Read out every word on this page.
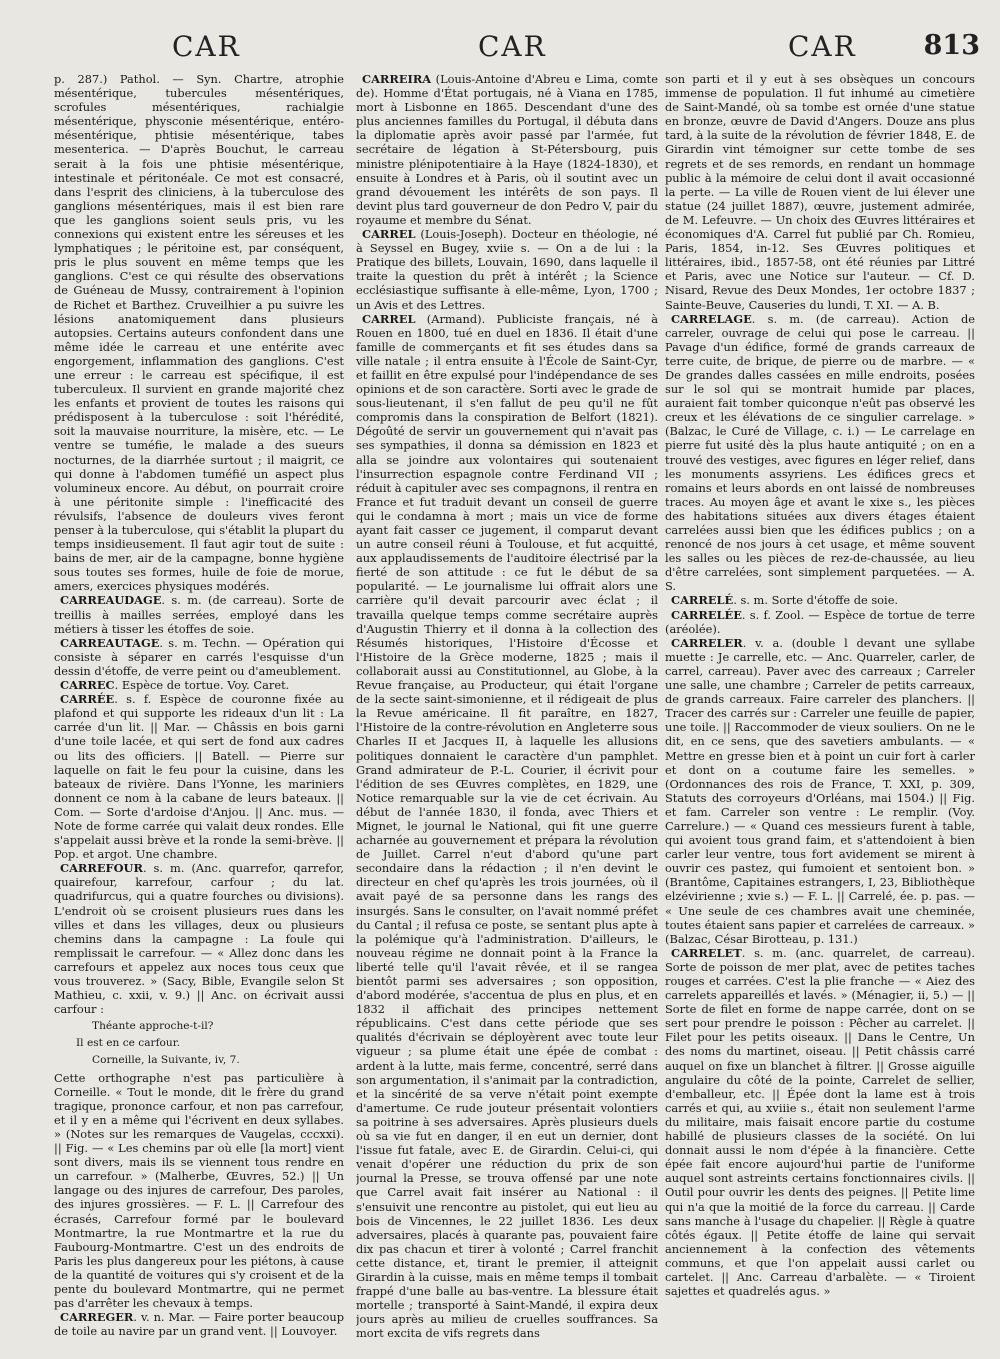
CAR	CAR	CAR 813

p. 287.) Pathol. — Syn. Chartre, atrophie mésentérique, tubercules mésentériques, scrofules mésentériques, rachialgie mésentérique, physconie mésentérique, entéro-mésentérique, phtisie mésentérique, tabes mesenterica. — D'après Bouchut, le carreau serait à la fois une phtisie mésentérique, intestinale et péritonéale. Ce mot est consacré, dans l'esprit des cliniciens, à la tuberculose des ganglions mésentériques, mais il est bien rare que les ganglions soient seuls pris, vu les connexions qui existent entre les séreuses et les lymphatiques ; le péritoine est, par conséquent, pris le plus souvent en même temps que les ganglions. C'est ce qui résulte des observations de Guéneau de Mussy, contrairement à l'opinion de Richet et Barthez. Cruveilhier a pu suivre les lésions anatomiquement dans plusieurs autopsies. Certains auteurs confondent dans une même idée le carreau et une entérite avec engorgement, inflammation des ganglions. C'est une erreur : le carreau est spécifique, il est tuberculeux. Il survient en grande majorité chez les enfants et provient de toutes les raisons qui prédisposent à la tuberculose : soit l'hérédité, soit la mauvaise nourriture, la misère, etc. — Le ventre se tuméfie, le malade a des sueurs nocturnes, de la diarrhée surtout ; il maigrit, ce qui donne à l'abdomen tuméfié un aspect plus volumineux encore. Au début, on pourrait croire à une péritonite simple : l'inefficacité des révulsifs, l'absence de douleurs vives feront penser à la tuberculose, qui s'établit la plupart du temps insidieusement. Il faut agir tout de suite : bains de mer, air de la campagne, bonne hygiène sous toutes ses formes, huile de foie de morue, amers, exercices physiques modérés.

CARREAUDAGE. s. m. (de carreau). Sorte de treillis à mailles serrées, employé dans les métiers à tisser les étoffes de soie.

CARREAUTAGE. s. m. Techn. — Opération qui consiste à séparer en carrés l'esquisse d'un dessin d'étoffe, de verre peint ou d'ameublement.

CARREC. Espèce de tortue. Voy. Caret.

CARRÉE. s. f. Espèce de couronne fixée au plafond et qui supporte les rideaux d'un lit : La carrée d'un lit. || Mar. — Châssis en bois garni d'une toile lacée, et qui sert de fond aux cadres ou lits des officiers. || Batell. — Pierre sur laquelle on fait le feu pour la cuisine, dans les bateaux de rivière. Dans l'Yonne, les mariniers donnent ce nom à la cabane de leurs bateaux. || Com. — Sorte d'ardoise d'Anjou. || Anc. mus. — Note de forme carrée qui valait deux rondes. Elle s'appelait aussi brève et la ronde la semi-brève. || Pop. et argot. Une chambre.

CARREFOUR. s. m. (Anc. quarrefor, qarrefor, quairefour, karrefour, carfour ; du lat. quadrifurcus, qui a quatre fourches ou divisions). L'endroit où se croisent plusieurs rues dans les villes et dans les villages, deux ou plusieurs chemins dans la campagne : La foule qui remplissait le carrefour. — « Allez donc dans les carrefours et appelez aux noces tous ceux que vous trouverez. » (Sacy, Bible, Evangile selon St Mathieu, c. xxii, v. 9.) || Anc. on écrivait aussi carfour :

Théante approche-t-il?

Il est en ce carfour.

Corneille, la Suivante, iv, 7.

Cette orthographe n'est pas particulière à Corneille. « Tout le monde, dit le frère du grand tragique, prononce carfour, et non pas carrefour, et il y en a même qui l'écrivent en deux syllabes. » (Notes sur les remarques de Vaugelas, cccxxi). || Fig. — « Les chemins par où elle [la mort] vient sont divers, mais ils se viennent tous rendre en un carrefour. » (Malherbe, Œuvres, 52.) || Un langage ou des injures de carrefour, Des paroles, des injures grossières. — F. L. || Carrefour des écrasés, Carrefour formé par le boulevard Montmartre, la rue Montmartre et la rue du Faubourg-Montmartre. C'est un des endroits de Paris les plus dangereux pour les piétons, à cause de la quantité de voitures qui s'y croisent et de la pente du boulevard Montmartre, qui ne permet pas d'arrêter les chevaux à temps.

CARREGER. v. n. Mar. — Faire porter beaucoup de toile au navire par un grand vent. || Louvoyer.

CARREIRA (Louis-Antoine d'Abreu e Lima, comte de). Homme d'État portugais, né à Viana en 1785, mort à Lisbonne en 1865. Descendant d'une des plus anciennes familles du Portugal, il débuta dans la diplomatie après avoir passé par l'armée, fut secrétaire de légation à St-Pétersbourg, puis ministre plénipotentiaire à la Haye (1824-1830), et ensuite à Londres et à Paris, où il soutint avec un grand dévouement les intérêts de son pays. Il devint plus tard gouverneur de don Pedro V, pair du royaume et membre du Sénat.

CARREL (Louis-Joseph). Docteur en théologie, né à Seyssel en Bugey, xviie s. — On a de lui : la Pratique des billets, Louvain, 1690, dans laquelle il traite la question du prêt à intérêt ; la Science ecclésiastique suffisante à elle-même, Lyon, 1700 ; un Avis et des Lettres.

CARREL (Armand). Publiciste français, né à Rouen en 1800, tué en duel en 1836. Il était d'une famille de commerçants et fit ses études dans sa ville natale ; il entra ensuite à l'École de Saint-Cyr, et faillit en être expulsé pour l'indépendance de ses opinions et de son caractère. Sorti avec le grade de sous-lieutenant, il s'en fallut de peu qu'il ne fût compromis dans la conspiration de Belfort (1821). Dégoûté de servir un gouvernement qui n'avait pas ses sympathies, il donna sa démission en 1823 et alla se joindre aux volontaires qui soutenaient l'insurrection espagnole contre Ferdinand VII ; réduit à capituler avec ses compagnons, il rentra en France et fut traduit devant un conseil de guerre qui le condamna à mort ; mais un vice de forme ayant fait casser ce jugement, il comparut devant un autre conseil réuni à Toulouse, et fut acquitté, aux applaudissements de l'auditoire électrisé par la fierté de son attitude : ce fut le début de sa popularité. — Le journalisme lui offrait alors une carrière qu'il devait parcourir avec éclat ; il travailla quelque temps comme secrétaire auprès d'Augustin Thierry et il donna à la collection des Résumés historiques, l'Histoire d'Écosse et l'Histoire de la Grèce moderne, 1825 ; mais il collaborait aussi au Constitutionnel, au Globe, à la Revue française, au Producteur, qui était l'organe de la secte saint-simonienne, et il rédigeait de plus la Revue américaine. Il fit paraître, en 1827, l'Histoire de la contre-révolution en Angleterre sous Charles II et Jacques II, à laquelle les allusions politiques donnaient le caractère d'un pamphlet. Grand admirateur de P.-L. Courier, il écrivit pour l'édition de ses Œuvres complètes, en 1829, une Notice remarquable sur la vie de cet écrivain. Au début de l'année 1830, il fonda, avec Thiers et Mignet, le journal le National, qui fit une guerre acharnée au gouvernement et prépara la révolution de Juillet. Carrel n'eut d'abord qu'une part secondaire dans la rédaction ; il n'en devint le directeur en chef qu'après les trois journées, où il avait payé de sa personne dans les rangs des insurgés. Sans le consulter, on l'avait nommé préfet du Cantal ; il refusa ce poste, se sentant plus apte à la polémique qu'à l'administration. D'ailleurs, le nouveau régime ne donnait point à la France la liberté telle qu'il l'avait rêvée, et il se rangea bientôt parmi ses adversaires ; son opposition, d'abord modérée, s'accentua de plus en plus, et en 1832 il affichait des principes nettement républicains. C'est dans cette période que ses qualités d'écrivain se déployèrent avec toute leur vigueur ; sa plume était une épée de combat : ardent à la lutte, mais ferme, concentré, serré dans son argumentation, il s'animait par la contradiction, et la sincérité de sa verve n'était point exempte d'amertume. Ce rude jouteur présentait volontiers sa poitrine à ses adversaires. Après plusieurs duels où sa vie fut en danger, il en eut un dernier, dont l'issue fut fatale, avec E. de Girardin. Celui-ci, qui venait d'opérer une réduction du prix de son journal la Presse, se trouva offensé par une note que Carrel avait fait insérer au National : il s'ensuivit une rencontre au pistolet, qui eut lieu au bois de Vincennes, le 22 juillet 1836. Les deux adversaires, placés à quarante pas, pouvaient faire dix pas chacun et tirer à volonté ; Carrel franchit cette distance, et, tirant le premier, il atteignit Girardin à la cuisse, mais en même temps il tombait frappé d'une balle au bas-ventre. La blessure était mortelle ; transporté à Saint-Mandé, il expira deux jours après au milieu de cruelles souffrances. Sa mort excita de vifs regrets dans

son parti et il y eut à ses obsèques un concours immense de population. Il fut inhumé au cimetière de Saint-Mandé, où sa tombe est ornée d'une statue en bronze, œuvre de David d'Angers. Douze ans plus tard, à la suite de la révolution de février 1848, E. de Girardin vint témoigner sur cette tombe de ses regrets et de ses remords, en rendant un hommage public à la mémoire de celui dont il avait occasionné la perte. — La ville de Rouen vient de lui élever une statue (24 juillet 1887), œuvre, justement admirée, de M. Lefeuvre. — Un choix des Œuvres littéraires et économiques d'A. Carrel fut publié par Ch. Romieu, Paris, 1854, in-12. Ses Œuvres politiques et littéraires, ibid., 1857-58, ont été réunies par Littré et Paris, avec une Notice sur l'auteur. — Cf. D. Nisard, Revue des Deux Mondes, 1er octobre 1837 ; Sainte-Beuve, Causeries du lundi, T. XI. — A. B.

CARRELAGE. s. m. (de carreau). Action de carreler, ouvrage de celui qui pose le carreau. || Pavage d'un édifice, formé de grands carreaux de terre cuite, de brique, de pierre ou de marbre. — « De grandes dalles cassées en mille endroits, posées sur le sol qui se montrait humide par places, auraient fait tomber quiconque n'eût pas observé les creux et les élévations de ce singulier carrelage. » (Balzac, le Curé de Village, c. i.) — Le carrelage en pierre fut usité dès la plus haute antiquité ; on en a trouvé des vestiges, avec figures en léger relief, dans les monuments assyriens. Les édifices grecs et romains et leurs abords en ont laissé de nombreuses traces. Au moyen âge et avant le xixe s., les pièces des habitations situées aux divers étages étaient carrelées aussi bien que les édifices publics ; on a renoncé de nos jours à cet usage, et même souvent les salles ou les pièces de rez-de-chaussée, au lieu d'être carrelées, sont simplement parquetées. — A. S.

CARRELÉ. s. m. Sorte d'étoffe de soie.

CARRELÉE. s. f. Zool. — Espèce de tortue de terre (aréolée).

CARRELER. v. a. (double l devant une syllabe muette : Je carrelle, etc. — Anc. Quarreler, carler, de carrel, carreau). Paver avec des carreaux ; Carreler une salle, une chambre ; Carreler de petits carreaux, de grands carreaux. Faire carreler des planchers. || Tracer des carrés sur : Carreler une feuille de papier, une toile. || Raccommoder de vieux souliers. On ne le dit, en ce sens, que des savetiers ambulants. — « Mettre en gresse bien et à point un cuir fort à carler et dont on a coutume faire les semelles. » (Ordonnances des rois de France, T. XXI, p. 309, Statuts des corroyeurs d'Orléans, mai 1504.) || Fig. et fam. Carreler son ventre : Le remplir. (Voy. Carrelure.) — « Quand ces messieurs furent à table, qui avoient tous grand faim, et s'attendoient à bien carler leur ventre, tous fort avidement se mirent à ouvrir ces pastez, qui fumoient et sentoient bon. » (Brantôme, Capitaines estrangers, I, 23, Bibliothèque elzévirienne ; xvie s.) — F. L. || Carrelé, ée. p. pas. — « Une seule de ces chambres avait une cheminée, toutes étaient sans papier et carrelées de carreaux. » (Balzac, César Birotteau, p. 131.)

CARRELET. s. m. (anc. quarrelet, de carreau). Sorte de poisson de mer plat, avec de petites taches rouges et carrées. C'est la plie franche — « Aiez des carrelets appareillés et lavés. » (Ménagier, ii, 5.) — || Sorte de filet en forme de nappe carrée, dont on se sert pour prendre le poisson : Pêcher au carrelet. || Filet pour les petits oiseaux. || Dans le Centre, Un des noms du martinet, oiseau. || Petit châssis carré auquel on fixe un blanchet à filtrer. || Grosse aiguille angulaire du côté de la pointe, Carrelet de sellier, d'emballeur, etc. || Épée dont la lame est à trois carrés et qui, au xviiie s., était non seulement l'arme du militaire, mais faisait encore partie du costume habillé de plusieurs classes de la société. On lui donnait aussi le nom d'épée à la financière. Cette épée fait encore aujourd'hui partie de l'uniforme auquel sont astreints certains fonctionnaires civils. || Outil pour ouvrir les dents des peignes. || Petite lime qui n'a que la moitié de la force du carreau. || Carde sans manche à l'usage du chapelier. || Règle à quatre côtés égaux. || Petite étoffe de laine qui servait anciennement à la confection des vêtements communs, et que l'on appelait aussi carlet ou cartelet. || Anc. Carreau d'arbalète. — « Tiroient sajettes et quadrelés agus. »
